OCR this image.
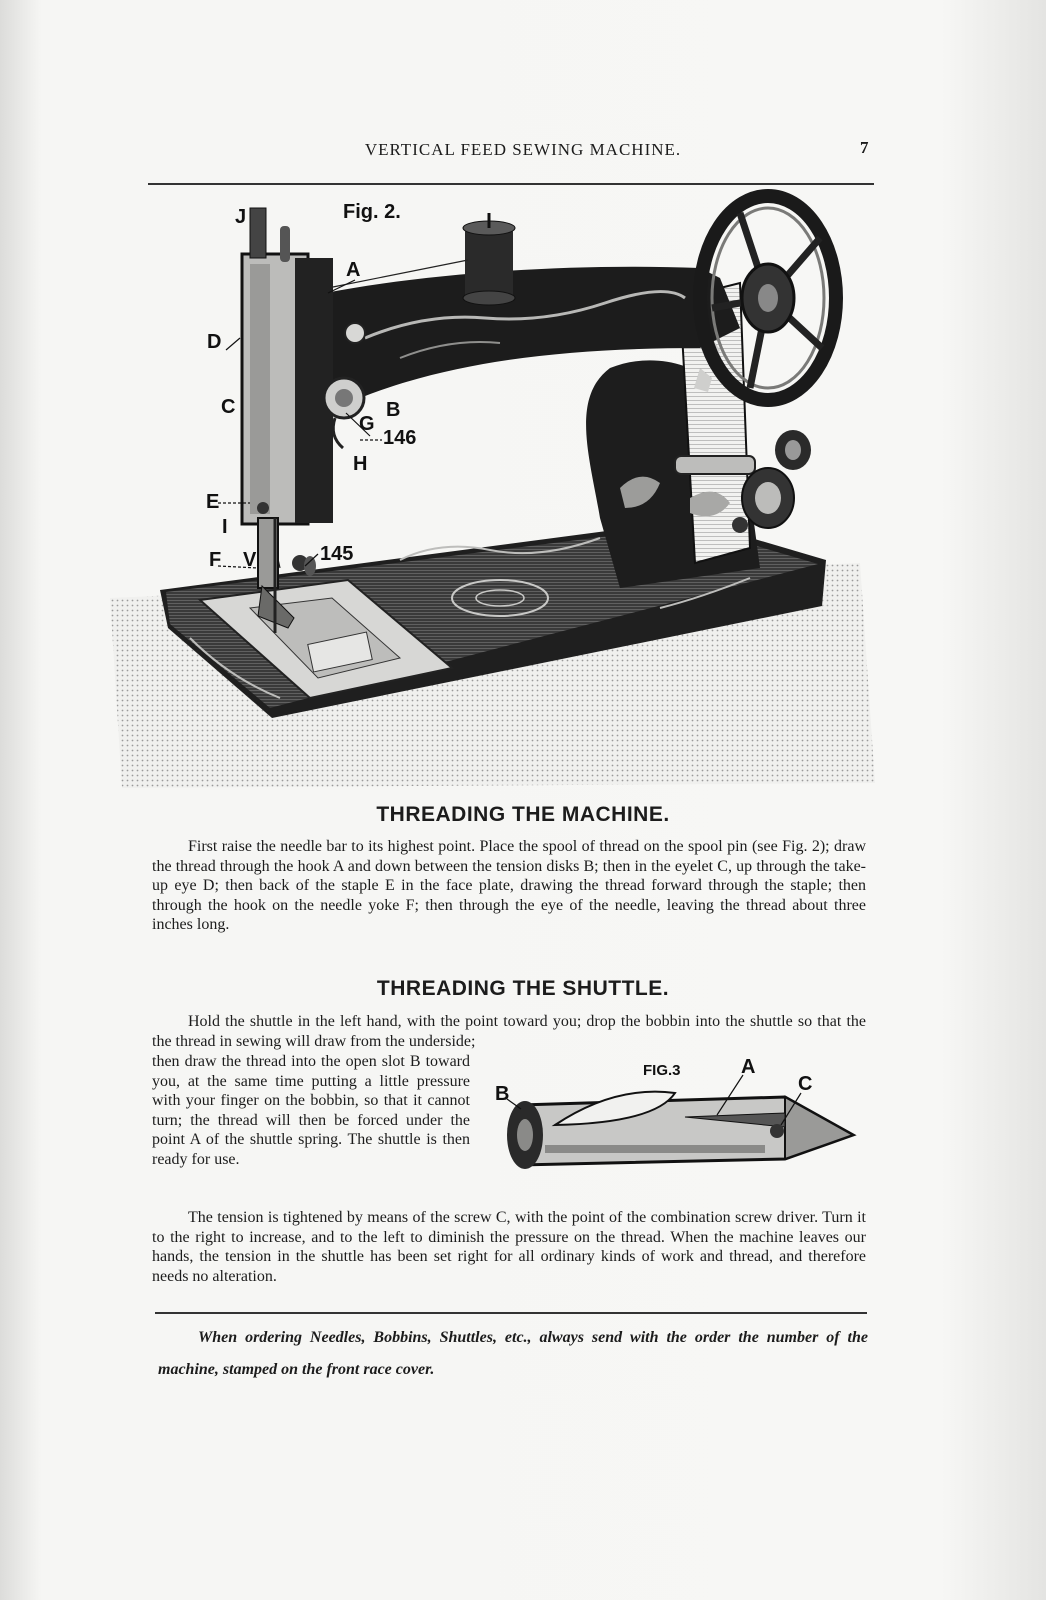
VERTICAL FEED SEWING MACHINE.	7
Fig. 2.
J
A
D
C
G
B
146
H
E
I
F V	145
THREADING THE MACHINE.
First raise the needle bar to its highest point. Place the spool of thread on the spool pin (see Fig. 2); draw the thread through the hook A and down between the tension disks B; then in the eyelet C, up through the take-up eye D; then back of the staple E in the face plate, drawing the thread forward through the staple; then through the hook on the needle yoke F; then through the eye of the needle, leaving the thread about three inches long.
THREADING THE SHUTTLE.
Hold the shuttle in the left hand, with the point toward you; drop the bobbin into the shuttle so that the the thread in sewing will draw from the underside;
then draw the thread into the open slot B toward you, at the same time putting a little pressure with your finger on the bobbin, so that it cannot turn; the thread will then be forced under the point A of the shuttle spring. The shuttle is then ready for use.
FIG.3	A
B	C
The tension is tightened by means of the screw C, with the point of the combination screw driver. Turn it to the right to increase, and to the left to diminish the pressure on the thread. When the machine leaves our hands, the tension in the shuttle has been set right for all ordinary kinds of work and thread, and therefore needs no alteration.
When ordering Needles, Bobbins, Shuttles, etc., always send with the order the number of the machine, stamped on the front race cover.
